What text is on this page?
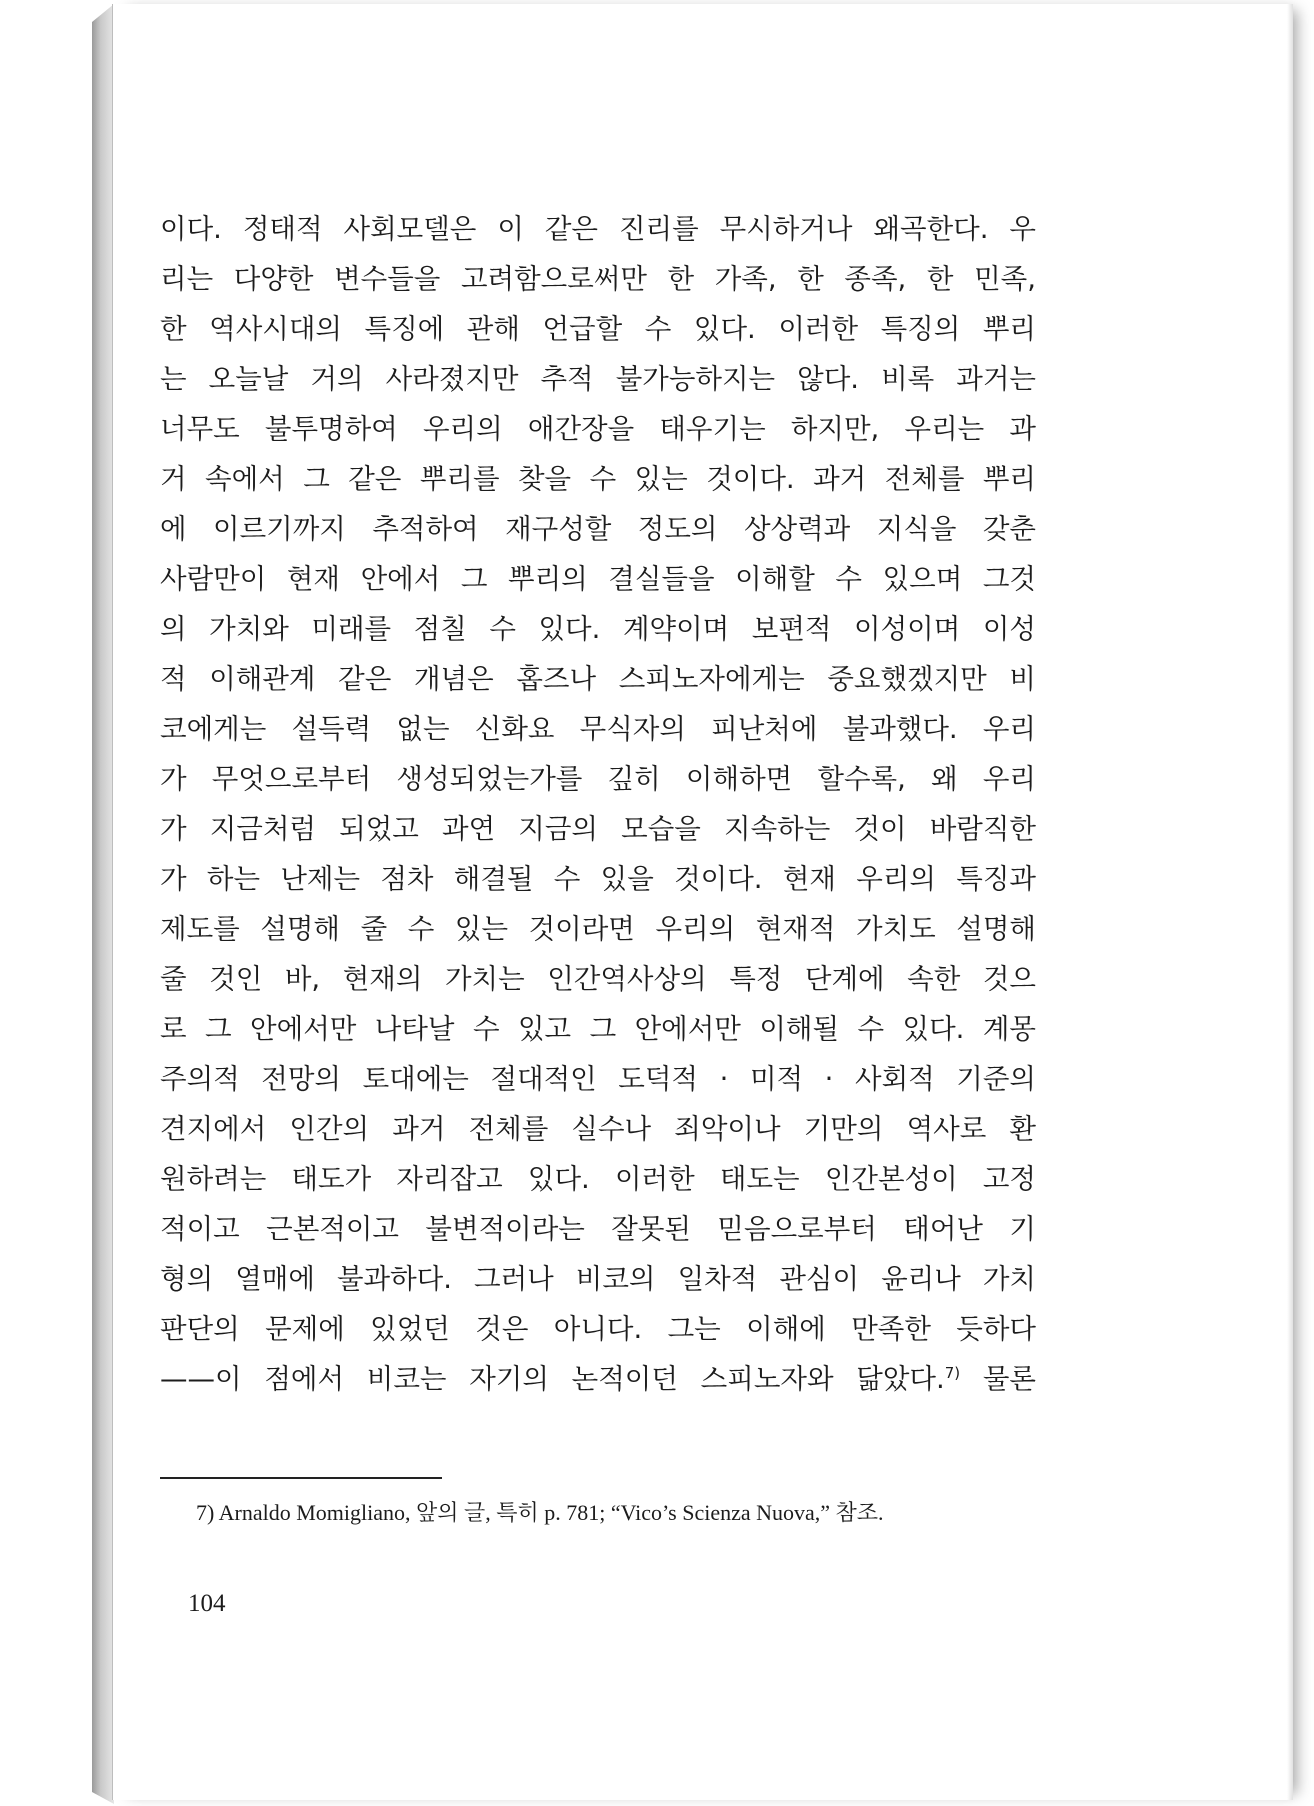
이다. 정태적 사회모델은 이 같은 진리를 무시하거나 왜곡한다. 우
리는 다양한 변수들을 고려함으로써만 한 가족, 한 종족, 한 민족,
한 역사시대의 특징에 관해 언급할 수 있다. 이러한 특징의 뿌리
는 오늘날 거의 사라졌지만 추적 불가능하지는 않다. 비록 과거는
너무도 불투명하여 우리의 애간장을 태우기는 하지만, 우리는 과
거 속에서 그 같은 뿌리를 찾을 수 있는 것이다. 과거 전체를 뿌리
에 이르기까지 추적하여 재구성할 정도의 상상력과 지식을 갖춘
사람만이 현재 안에서 그 뿌리의 결실들을 이해할 수 있으며 그것
의 가치와 미래를 점칠 수 있다. 계약이며 보편적 이성이며 이성
적 이해관계 같은 개념은 홉즈나 스피노자에게는 중요했겠지만 비
코에게는 설득력 없는 신화요 무식자의 피난처에 불과했다. 우리
가 무엇으로부터 생성되었는가를 깊히 이해하면 할수록, 왜 우리
가 지금처럼 되었고 과연 지금의 모습을 지속하는 것이 바람직한
가 하는 난제는 점차 해결될 수 있을 것이다. 현재 우리의 특징과
제도를 설명해 줄 수 있는 것이라면 우리의 현재적 가치도 설명해
줄 것인 바, 현재의 가치는 인간역사상의 특정 단계에 속한 것으
로 그 안에서만 나타날 수 있고 그 안에서만 이해될 수 있다. 계몽
주의적 전망의 토대에는 절대적인 도덕적 · 미적 · 사회적 기준의
견지에서 인간의 과거 전체를 실수나 죄악이나 기만의 역사로 환
원하려는 태도가 자리잡고 있다. 이러한 태도는 인간본성이 고정
적이고 근본적이고 불변적이라는 잘못된 믿음으로부터 태어난 기
형의 열매에 불과하다. 그러나 비코의 일차적 관심이 윤리나 가치
판단의 문제에 있었던 것은 아니다. 그는 이해에 만족한 듯하다
——이 점에서 비코는 자기의 논적이던 스피노자와 닮았다.$^{7)}$ 물론
7) Arnaldo Momigliano, 앞의 글, 특히 p. 781; “Vico’s Scienza Nuova,” 참조.
104
